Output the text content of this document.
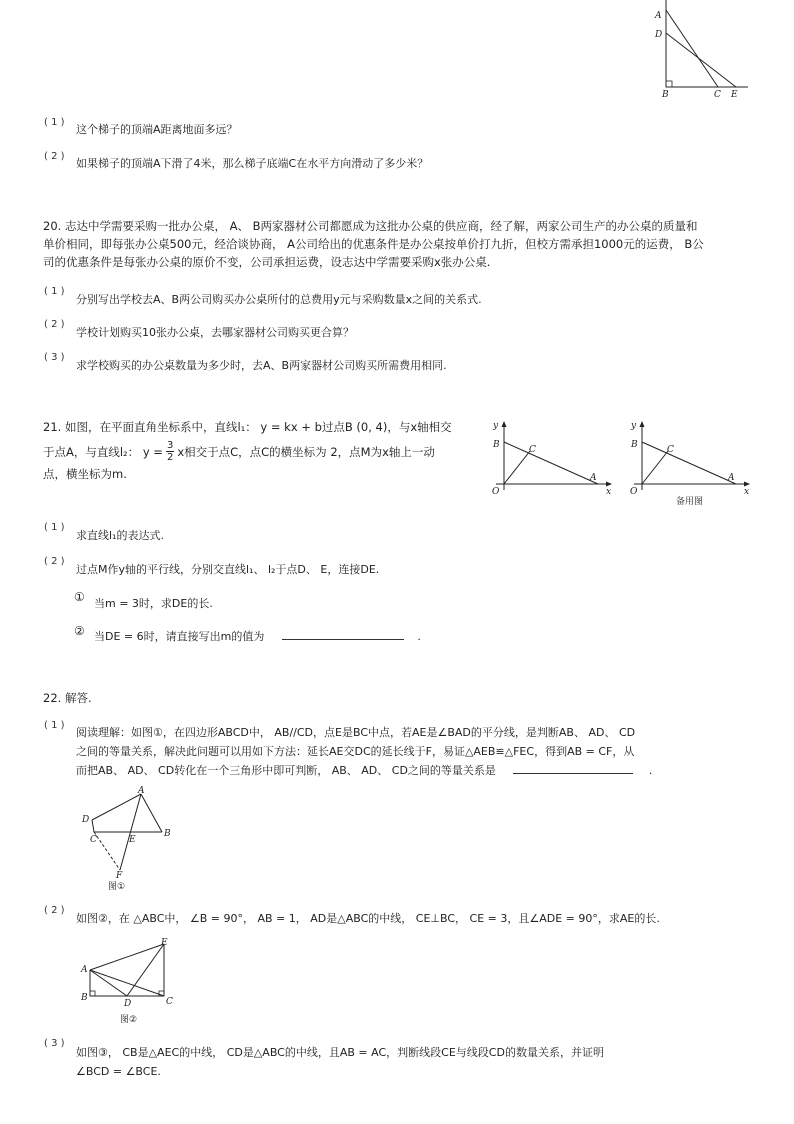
A
D
B	C E
( 1 )
这个梯子的顶端A距离地面多远？
( 2 )
如果梯子的顶端A下滑了4米，那么梯子底端C在水平方向滑动了多少米？
20. 志达中学需要采购一批办公桌， A、 B两家器材公司都愿成为这批办公桌的供应商，经了解，两家公司生产的办公桌的质量和
单价相同，即每张办公桌500元，经洽谈协商， A公司给出的优惠条件是办公桌按单价打九折，但校方需承担1000元的运费， B公
司的优惠条件是每张办公桌的原价不变，公司承担运费，设志达中学需要采购x张办公桌.
( 1 )
分别写出学校去A、B两公司购买办公桌所付的总费用y元与采购数量x之间的关系式.
( 2 )
学校计划购买10张办公桌，去哪家器材公司购买更合算？
( 3 )
求学校购买的办公桌数量为多少时，去A、B两家器材公司购买所需费用相同.
21. 如图，在平面直角坐标系中，直线l₁： y = kx + b过点B (0, 4)，与x轴相交
于点A，与直线l₂： $y = \frac{3}{2}$ x相交于点C，点C的横坐标为 2，点M为x轴上一动
点，横坐标为m.
y
B	C
A
O	x
y
B	C
A
O	x
备用图
( 1 )
求直线l₁的表达式.
( 2 )
过点M作y轴的平行线，分别交直线l₁、 l₂于点D、 E，连接DE.
① 当m = 3时，求DE的长.
② 当DE = 6时，请直接写出m的值为	.
22. 解答.
( 1 )
阅读理解：如图①，在四边形ABCD中， AB//CD，点E是BC中点，若AE是∠BAD的平分线，是判断AB、 AD、 CD
之间的等量关系，解决此问题可以用如下方法：延长AE交DC的延长线于F，易证△AEB≌△FEC，得到AB = CF，从
而把AB、 AD、 CD转化在一个三角形中即可判断， AB、 AD、 CD之间的等量关系是	.
A
D
C	E
B
F
图①
( 2 )
如图②，在 △ABC中， ∠B = 90°， AB = 1， AD是△ABC的中线， CE⊥BC， CE = 3，且∠ADE = 90°，求AE的长.
E
A
B
D	C
图②
( 3 )
如图③， CB是△AEC的中线， CD是△ABC的中线，且AB = AC，判断线段CE与线段CD的数量关系，并证明
∠BCD = ∠BCE.
